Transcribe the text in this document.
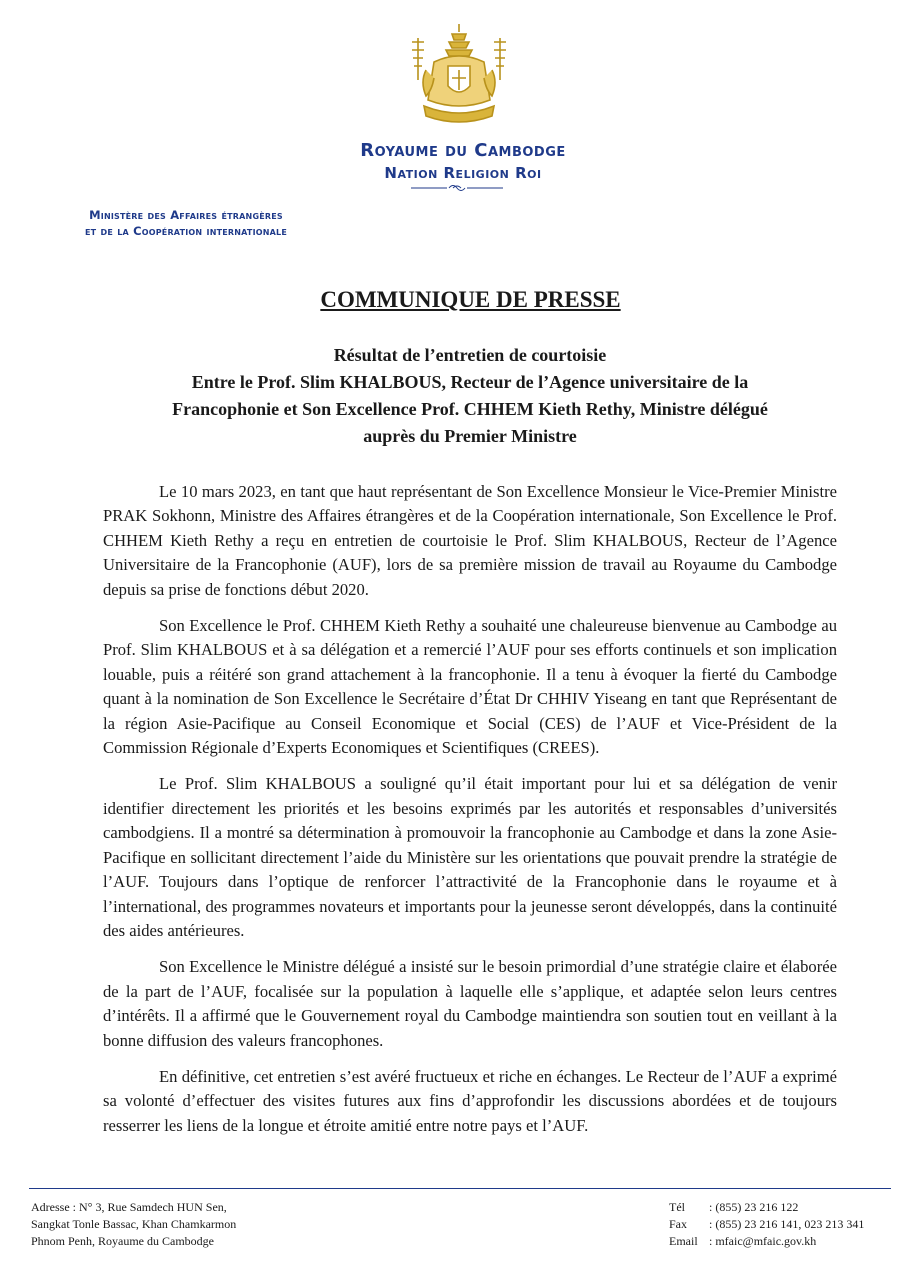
Royaume du Cambodge
Nation Religion Roi
Ministère des Affaires étrangères
et de la Coopération internationale
COMMUNIQUE DE PRESSE
Résultat de l’entretien de courtoisie
Entre le Prof. Slim KHALBOUS, Recteur de l’Agence universitaire de la
Francophonie et Son Excellence Prof. CHHEM Kieth Rethy, Ministre délégué
auprès du Premier Ministre

Le 10 mars 2023, en tant que haut représentant de Son Excellence Monsieur le Vice-Premier Ministre PRAK Sokhonn, Ministre des Affaires étrangères et de la Coopération internationale, Son Excellence le Prof. CHHEM Kieth Rethy a reçu en entretien de courtoisie le Prof. Slim KHALBOUS, Recteur de l’Agence Universitaire de la Francophonie (AUF), lors de sa première mission de travail au Royaume du Cambodge depuis sa prise de fonctions début 2020.

Son Excellence le Prof. CHHEM Kieth Rethy a souhaité une chaleureuse bienvenue au Cambodge au Prof. Slim KHALBOUS et à sa délégation et a remercié l’AUF pour ses efforts continuels et son implication louable, puis a réitéré son grand attachement à la francophonie. Il a tenu à évoquer la fierté du Cambodge quant à la nomination de Son Excellence le Secrétaire d’État Dr CHHIV Yiseang en tant que Représentant de la région Asie-Pacifique au Conseil Economique et Social (CES) de l’AUF et Vice-Président de la Commission Régionale d’Experts Economiques et Scientifiques (CREES).

Le Prof. Slim KHALBOUS a souligné qu’il était important pour lui et sa délégation de venir identifier directement les priorités et les besoins exprimés par les autorités et responsables d’universités cambodgiens. Il a montré sa détermination à promouvoir la francophonie au Cambodge et dans la zone Asie-Pacifique en sollicitant directement l’aide du Ministère sur les orientations que pouvait prendre la stratégie de l’AUF. Toujours dans l’optique de renforcer l’attractivité de la Francophonie dans le royaume et à l’international, des programmes novateurs et importants pour la jeunesse seront développés, dans la continuité des aides antérieures.

Son Excellence le Ministre délégué a insisté sur le besoin primordial d’une stratégie claire et élaborée de la part de l’AUF, focalisée sur la population à laquelle elle s’applique, et adaptée selon leurs centres d’intérêts. Il a affirmé que le Gouvernement royal du Cambodge maintiendra son soutien tout en veillant à la bonne diffusion des valeurs francophones.

En définitive, cet entretien s’est avéré fructueux et riche en échanges. Le Recteur de l’AUF a exprimé sa volonté d’effectuer des visites futures aux fins d’approfondir les discussions abordées et de toujours resserrer les liens de la longue et étroite amitié entre notre pays et l’AUF.

Adresse : N° 3, Rue Samdech HUN Sen,
Sangkat Tonle Bassac, Khan Chamkarmon
Phnom Penh, Royaume du Cambodge
Tél	: (855) 23 216 122
Fax	: (855) 23 216 141, 023 213 341
Email : mfaic@mfaic.gov.kh
